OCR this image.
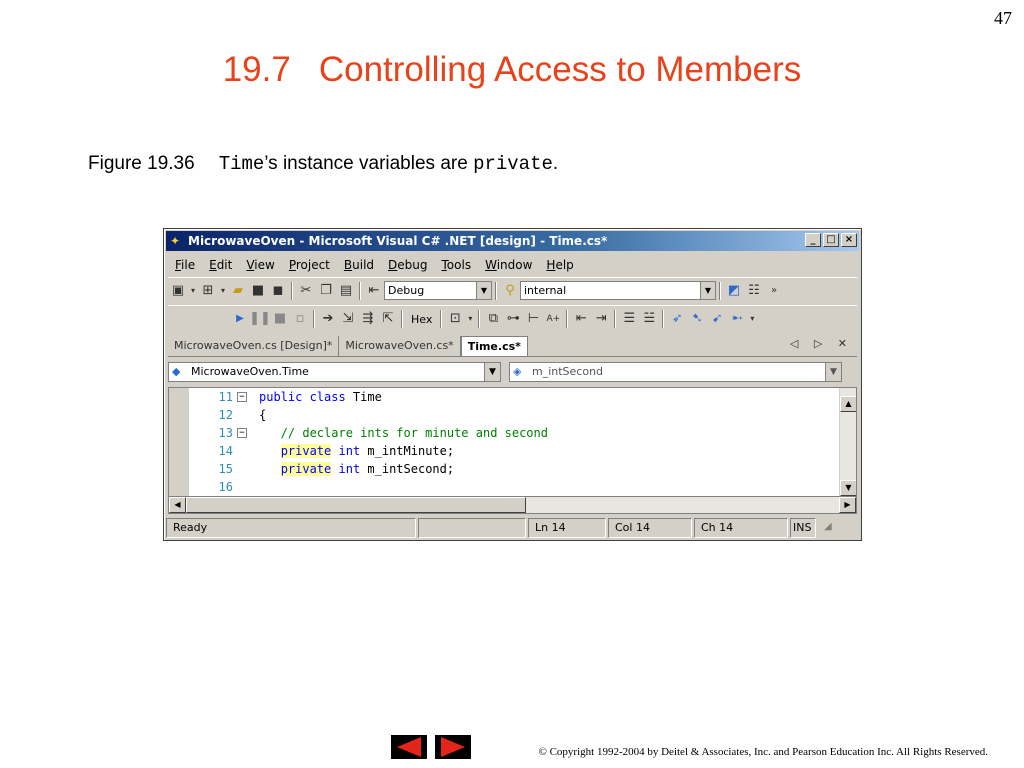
47
19.7 Controlling Access to Members
Figure 19.36 Time’s instance variables are private.
✦ MicrowaveOven - Microsoft Visual C# .NET [design] - Time.cs*	_	□ ×
File	Edit	View	Project	Build	Debug	Tools	Window	Help
▣ ▾ ⊞ ▾ ▰ ■ ◼	✂ ❐ ▤	⇤ Debug	▼	⚲ internal	▼	◩ ☷	»
▶ ❚❚ ■ ▫	➔ ⇲ ⇶ ⇱	Hex	⊡ ▾	⧉ ⊶ ⊢ A+	⇤ ⇥	☰ ☱	➶ ➷ ➹ ➸ ▾
MicrowaveOven.cs [Design]*	MicrowaveOven.cs*	Time.cs*	◁ ▷ ✕
◆ MicrowaveOven.Time	▼	◈ m_intSecond	▼
11 − public class Time
12 {
13 − // declare ints for minute and second
14	private int m_intMinute;
15	private int m_intSecond;
16
▲
▼
◀	▶
Ready	Ln 14	Col 14	Ch 14	INS	◢
© Copyright 1992-2004 by Deitel & Associates, Inc. and Pearson Education Inc. All Rights Reserved.
